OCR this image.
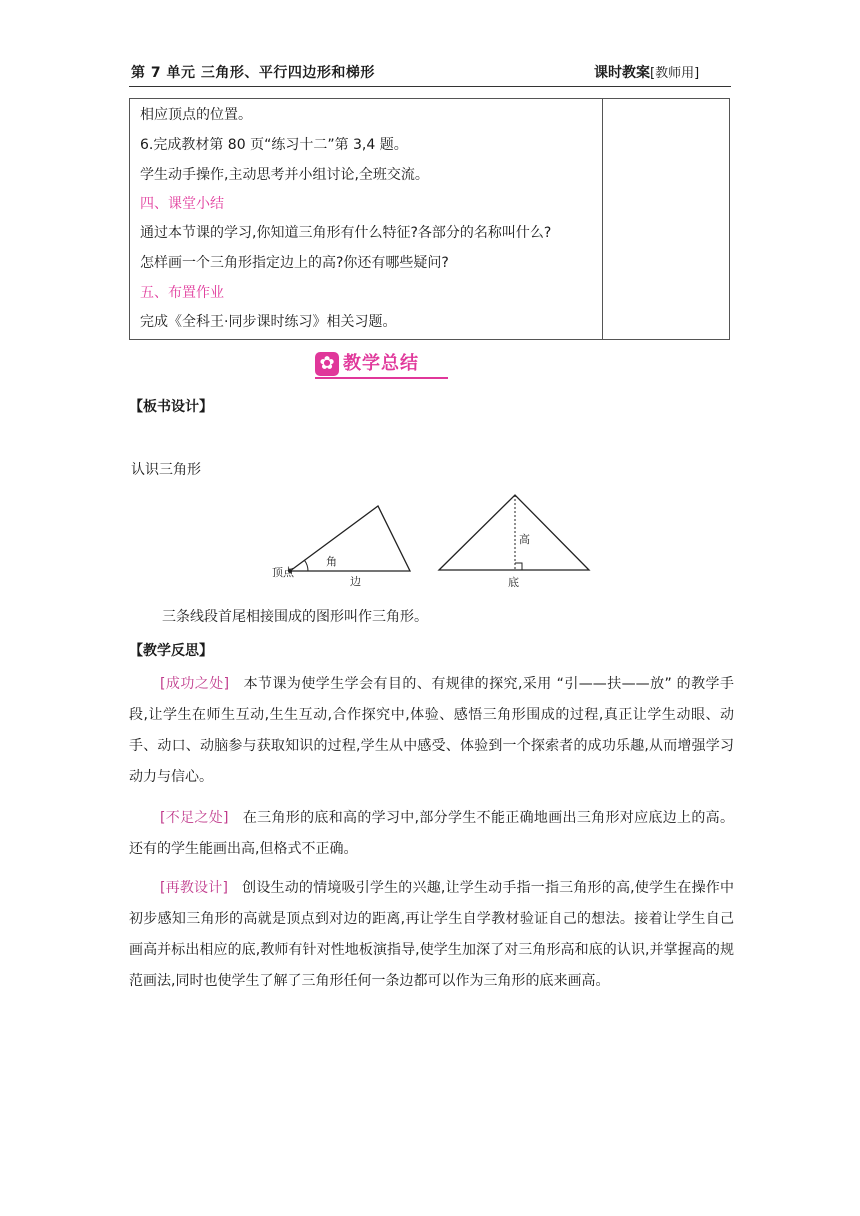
第 7 单元 三角形、平行四边形和梯形	课时教案[教师用]
相应顶点的位置。
6.完成教材第 80 页“练习十二”第 3,4 题。
学生动手操作,主动思考并小组讨论,全班交流。
四、课堂小结
通过本节课的学习,你知道三角形有什么特征?各部分的名称叫什么?
怎样画一个三角形指定边上的高?你还有哪些疑问?
五、布置作业
完成《全科王·同步课时练习》相关习题。
✿ 教学总结
【板书设计】
认识三角形
顶点
角
边
高
底
三条线段首尾相接围成的图形叫作三角形。
【教学反思】
[成功之处] 本节课为使学生学会有目的、有规律的探究,采用 “引——扶——放” 的教学手段,让学生在师生互动,生生互动,合作探究中,体验、感悟三角形围成的过程,真正让学生动眼、动手、动口、动脑参与获取知识的过程,学生从中感受、体验到一个探索者的成功乐趣,从而增强学习动力与信心。
[不足之处] 在三角形的底和高的学习中,部分学生不能正确地画出三角形对应底边上的高。还有的学生能画出高,但格式不正确。
[再教设计] 创设生动的情境吸引学生的兴趣,让学生动手指一指三角形的高,使学生在操作中初步感知三角形的高就是顶点到对边的距离,再让学生自学教材验证自己的想法。接着让学生自己画高并标出相应的底,教师有针对性地板演指导,使学生加深了对三角形高和底的认识,并掌握高的规范画法,同时也使学生了解了三角形任何一条边都可以作为三角形的底来画高。
